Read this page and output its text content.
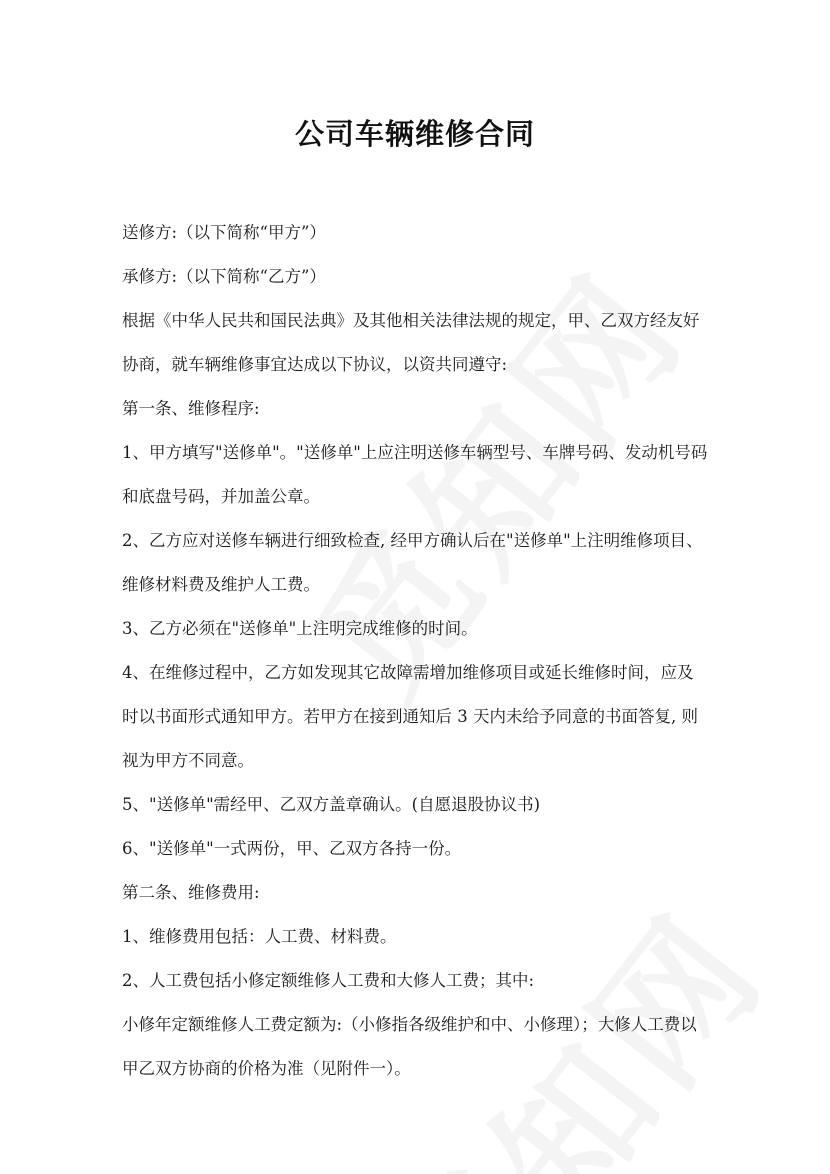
公司车辆维修合同
送修方:（以下简称“甲方”）
承修方:（以下简称“乙方”）
根据《中华人民共和国民法典》及其他相关法律法规的规定，甲、乙双方经友好
协商，就车辆维修事宜达成以下协议，以资共同遵守:
第一条、维修程序:
1、甲方填写"送修单"。"送修单"上应注明送修车辆型号、车牌号码、发动机号码
和底盘号码，并加盖公章。
2、乙方应对送修车辆进行细致检查, 经甲方确认后在"送修单"上注明维修项目、
维修材料费及维护人工费。
3、乙方必须在"送修单"上注明完成维修的时间。
4、在维修过程中，乙方如发现其它故障需增加维修项目或延长维修时间，应及
时以书面形式通知甲方。若甲方在接到通知后 3 天内未给予同意的书面答复, 则
视为甲方不同意。
5、"送修单"需经甲、乙双方盖章确认。(自愿退股协议书)
6、"送修单"一式两份，甲、乙双方各持一份。
第二条、维修费用:
1、维修费用包括：人工费、材料费。
2、人工费包括小修定额维修人工费和大修人工费；其中:
小修年定额维修人工费定额为:（小修指各级维护和中、小修理）；大修人工费以
甲乙双方协商的价格为准（见附件一）。
